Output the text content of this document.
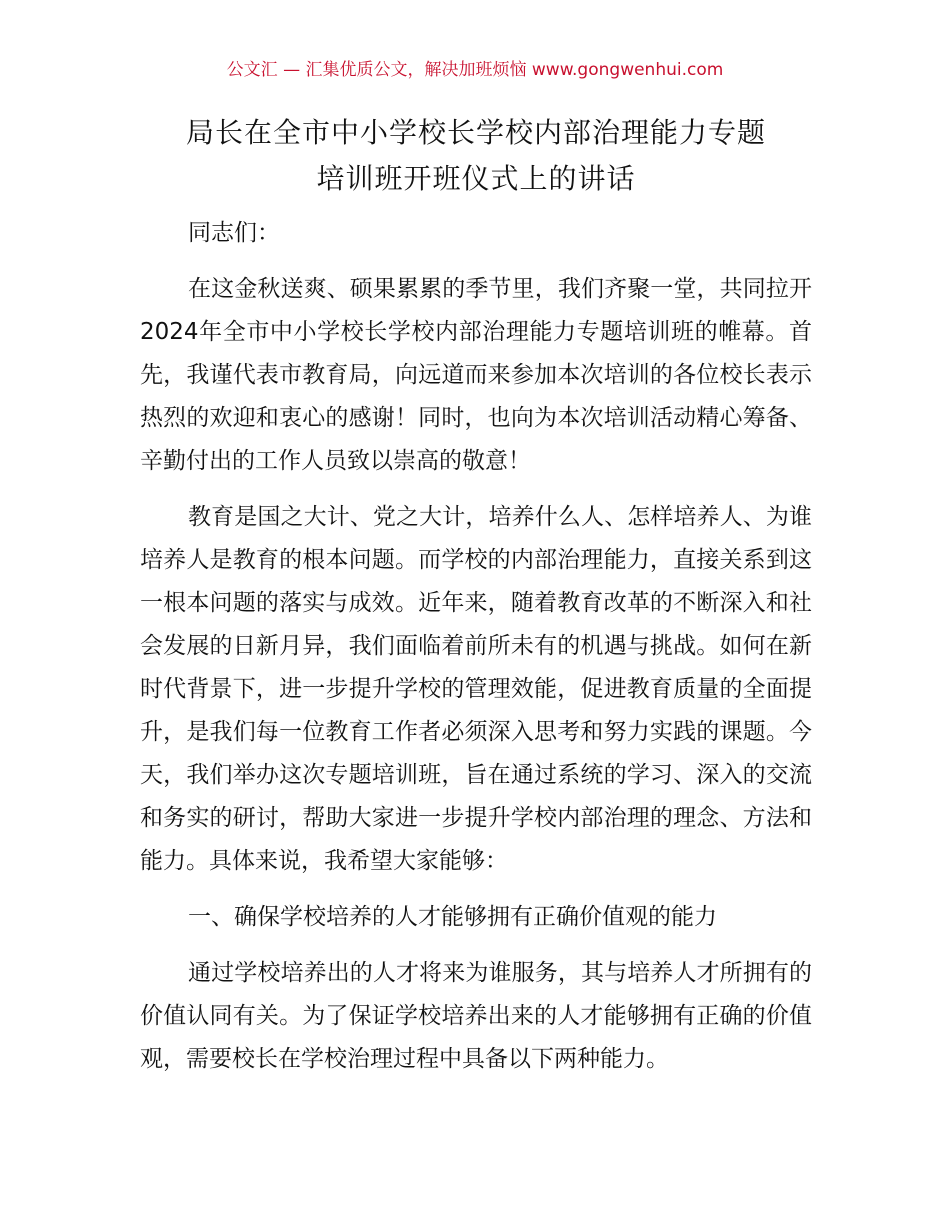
公文汇 — 汇集优质公文，解决加班烦恼 www.gongwenhui.com
局长在全市中小学校长学校内部治理能力专题
培训班开班仪式上的讲话

同志们：

在这金秋送爽、硕果累累的季节里，我们齐聚一堂，共同拉开2024年全市中小学校长学校内部治理能力专题培训班的帷幕。首先，我谨代表市教育局，向远道而来参加本次培训的各位校长表示热烈的欢迎和衷心的感谢！同时，也向为本次培训活动精心筹备、辛勤付出的工作人员致以崇高的敬意！

教育是国之大计、党之大计，培养什么人、怎样培养人、为谁培养人是教育的根本问题。而学校的内部治理能力，直接关系到这一根本问题的落实与成效。近年来，随着教育改革的不断深入和社会发展的日新月异，我们面临着前所未有的机遇与挑战。如何在新时代背景下，进一步提升学校的管理效能，促进教育质量的全面提升，是我们每一位教育工作者必须深入思考和努力实践的课题。今天，我们举办这次专题培训班，旨在通过系统的学习、深入的交流和务实的研讨，帮助大家进一步提升学校内部治理的理念、方法和能力。具体来说，我希望大家能够：

一、确保学校培养的人才能够拥有正确价值观的能力

通过学校培养出的人才将来为谁服务，其与培养人才所拥有的价值认同有关。为了保证学校培养出来的人才能够拥有正确的价值观，需要校长在学校治理过程中具备以下两种能力。
